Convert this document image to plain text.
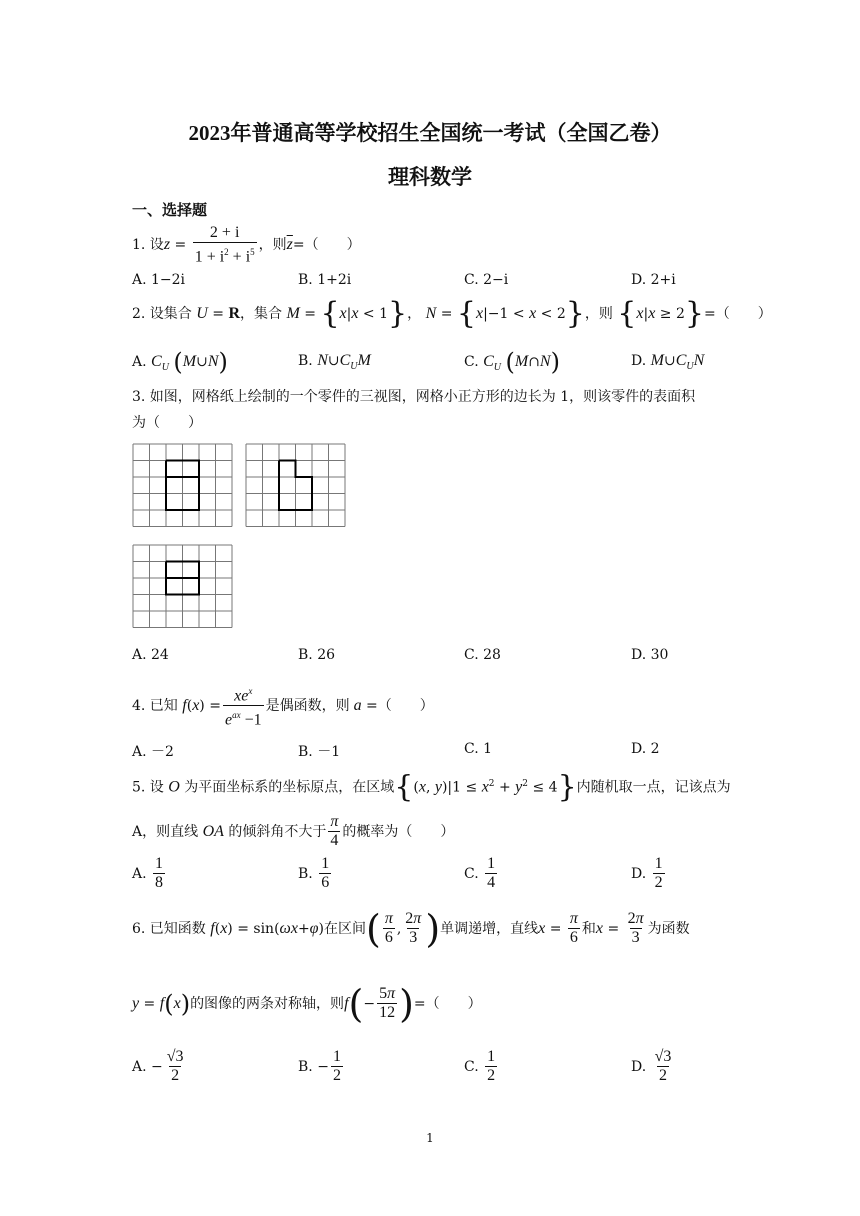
2023年普通高等学校招生全国统一考试（全国乙卷）
理科数学
一、选择题
1. 设 $z = \frac{2 + i}{1 + i^2 + i^5}$ ，则 $\overline{z}$ =（　　）
A. 1−2i	B. 1+2i	C. 2−i	D. 2+i
2. 设集合 U = R，集合 M = {x|x < 1}， N = {x|−1 < x < 2}，则 {x|x ≥ 2}=（　　）
A. $C_U$ (M∪N)	B. $N\cup C_UM$	C. $C_U$ (M∩N)	D. $M\cup C_UN$
3. 如图，网格纸上绘制的一个零件的三视图，网格小正方形的边长为 1，则该零件的表面积
为（　　）
A. 24	B. 26	C. 28	D. 30
4. 已知
f ( x ) = $\frac{xe^x}{e^{ax} -1}$ 是偶函数，则 a
=（　　）
A. －2	B. －1	C. 1	D. 2
5. 设 O 为平面坐标系的坐标原点，在区域{(x, $y)|1 \le x^2 + y^2 \le 4$}内随机取一点，记该点为
A，则直线
OA
的倾斜角不大于 $\frac{\pi}{4}$ 的概率为（　　）
A.
$\frac{1}{8}$	B.
$\frac{1}{6}$	C.
$\frac{1}{4}$	D.
$\frac{1}{2}$
6. 已知函数
f ( x ) = sin( ωx + φ ) 在区间 ( $\frac{\pi}{6}$ , $\frac{2\pi}{3}$ ) 单调递增，直线 $x = \frac{\pi}{6}$ 和 $x = \frac{2\pi}{3}$ 为函数
y = f ( x ) 的图像的两条对称轴，则 f ( − $\frac{5\pi}{12}$ ) =（　　）
A. − $\frac{√3}{2}$	B. − $\frac{1}{2}$	C.
$\frac{1}{2}$	D.
$\frac{√3}{2}$
1
